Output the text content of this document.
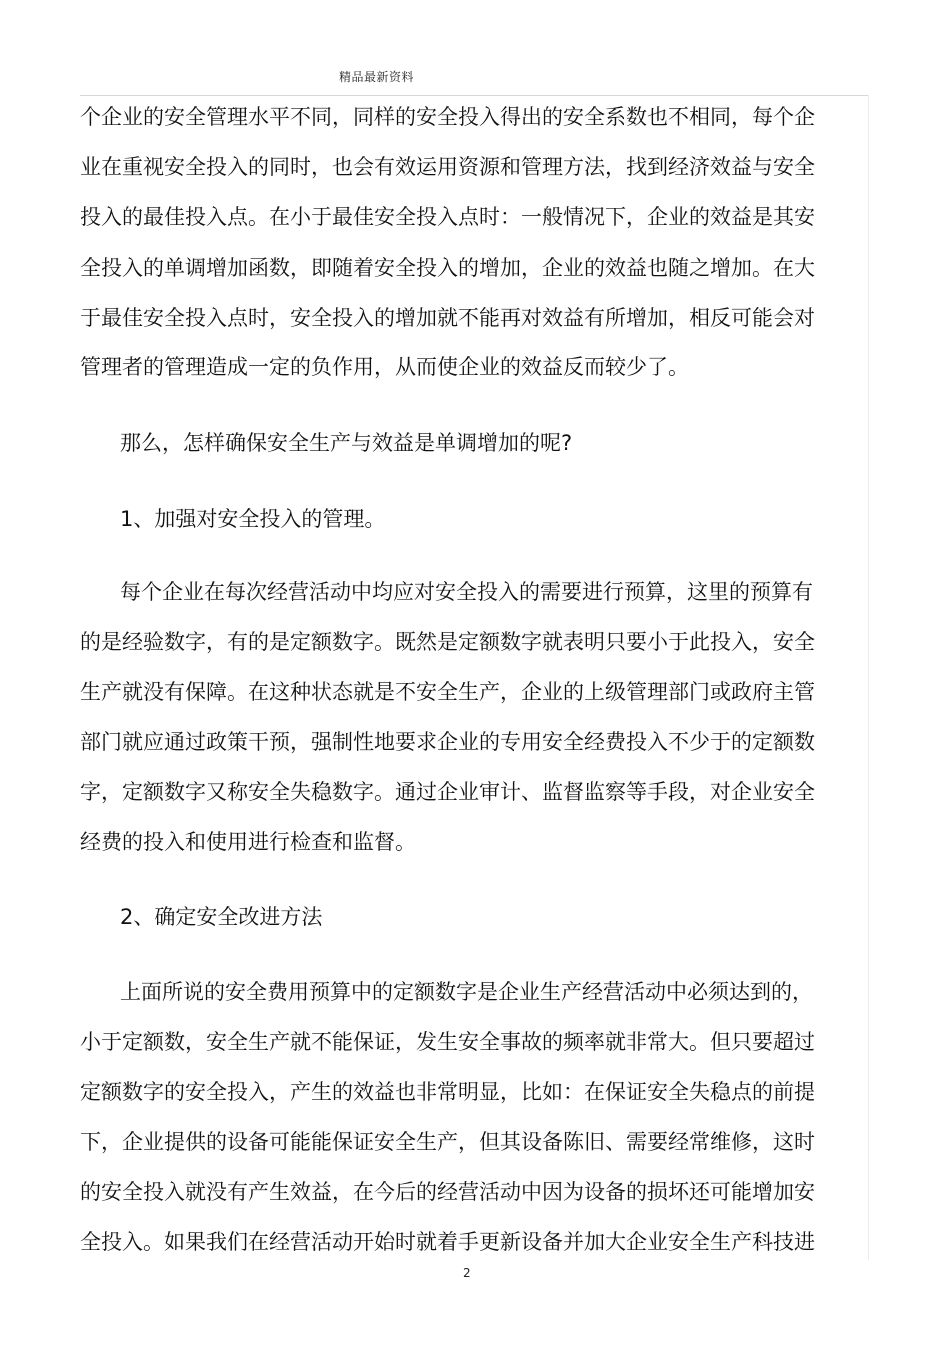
精品最新资料
个企业的安全管理水平不同，同样的安全投入得出的安全系数也不相同，每个企
业在重视安全投入的同时，也会有效运用资源和管理方法，找到经济效益与安全
投入的最佳投入点。在小于最佳安全投入点时：一般情况下，企业的效益是其安
全投入的单调增加函数，即随着安全投入的增加，企业的效益也随之增加。在大
于最佳安全投入点时，安全投入的增加就不能再对效益有所增加，相反可能会对
管理者的管理造成一定的负作用，从而使企业的效益反而较少了。
那么，怎样确保安全生产与效益是单调增加的呢?
1、加强对安全投入的管理。
每个企业在每次经营活动中均应对安全投入的需要进行预算，这里的预算有
的是经验数字，有的是定额数字。既然是定额数字就表明只要小于此投入，安全
生产就没有保障。在这种状态就是不安全生产，企业的上级管理部门或政府主管
部门就应通过政策干预，强制性地要求企业的专用安全经费投入不少于的定额数
字，定额数字又称安全失稳数字。通过企业审计、监督监察等手段，对企业安全
经费的投入和使用进行检查和监督。
2、确定安全改进方法
上面所说的安全费用预算中的定额数字是企业生产经营活动中必须达到的，
小于定额数，安全生产就不能保证，发生安全事故的频率就非常大。但只要超过
定额数字的安全投入，产生的效益也非常明显，比如：在保证安全失稳点的前提
下，企业提供的设备可能能保证安全生产，但其设备陈旧、需要经常维修，这时
的安全投入就没有产生效益，在今后的经营活动中因为设备的损坏还可能增加安
全投入。如果我们在经营活动开始时就着手更新设备并加大企业安全生产科技进
2
